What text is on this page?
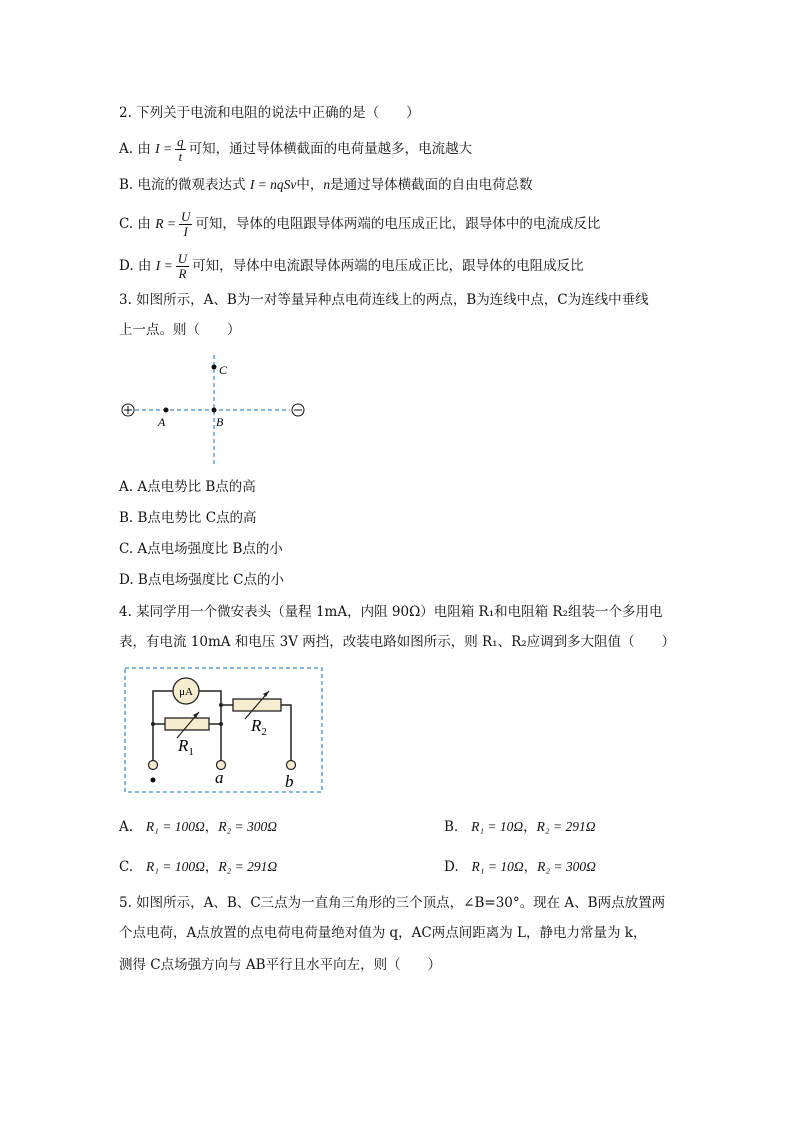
2. 下列关于电流和电阻的说法中正确的是（　　）
A. 由 $I = \frac{q}{t}$ 可知，通过导体横截面的电荷量越多，电流越大
B. 电流的微观表达式 I = nqSv中，n是通过导体横截面的自由电荷总数
C. 由 $R = \frac{U}{I}$ 可知，导体的电阻跟导体两端的电压成正比，跟导体中的电流成反比
D. 由 $I = \frac{U}{R}$ 可知，导体中电流跟导体两端的电压成正比，跟导体的电阻成反比
3. 如图所示，A、B为一对等量异种点电荷连线上的两点，B为连线中点，C为连线中垂线
上一点。则（　　）
A	B
C
A. A点电势比 B点的高
B. B点电势比 C点的高
C. A点电场强度比 B点的小
D. B点电场强度比 C点的小
4. 某同学用一个微安表头（量程 1mA，内阻 90Ω）电阻箱 R₁和电阻箱 R₂组装一个多用电
表，有电流 10mA 和电压 3V 两挡，改装电路如图所示，则 R₁、R₂应调到多大阻值（　　）
μA
$R_1$
$R_2$
a	b
A. R₁ = 100Ω，R₂ = 300Ω	B. R₁ = 10Ω，R₂ = 291Ω
C. R₁ = 100Ω，R₂ = 291Ω	D. R₁ = 10Ω，R₂ = 300Ω
5. 如图所示，A、B、C三点为一直角三角形的三个顶点，∠B=30°。现在 A、B两点放置两
个点电荷，A点放置的点电荷电荷量绝对值为 q，AC两点间距离为 L，静电力常量为 k，
测得 C点场强方向与 AB平行且水平向左，则（　　）
